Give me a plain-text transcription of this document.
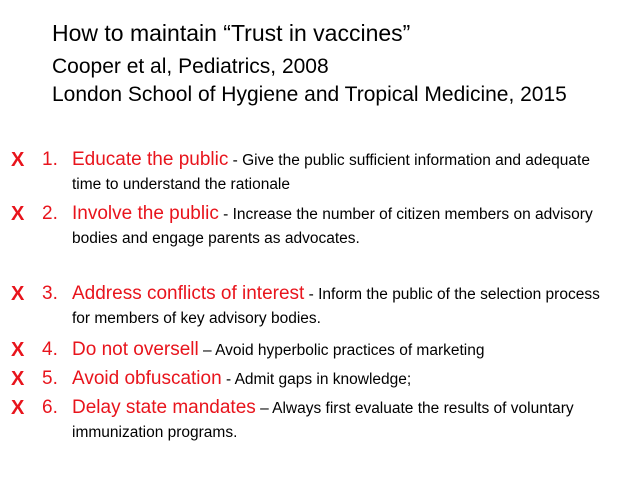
How to maintain “Trust in vaccines”
Cooper et al, Pediatrics, 2008
London School of Hygiene and Tropical Medicine, 2015
X 1. Educate the public - Give the public sufficient information and adequate time to understand the rationale
X 2. Involve the public - Increase the number of citizen members on advisory bodies and engage parents as advocates.
X 3. Address conflicts of interest - Inform the public of the selection process for members of key advisory bodies.
X 4. Do not oversell – Avoid hyperbolic practices of marketing
X 5. Avoid obfuscation - Admit gaps in knowledge;
X 6. Delay state mandates – Always first evaluate the results of voluntary immunization programs.
